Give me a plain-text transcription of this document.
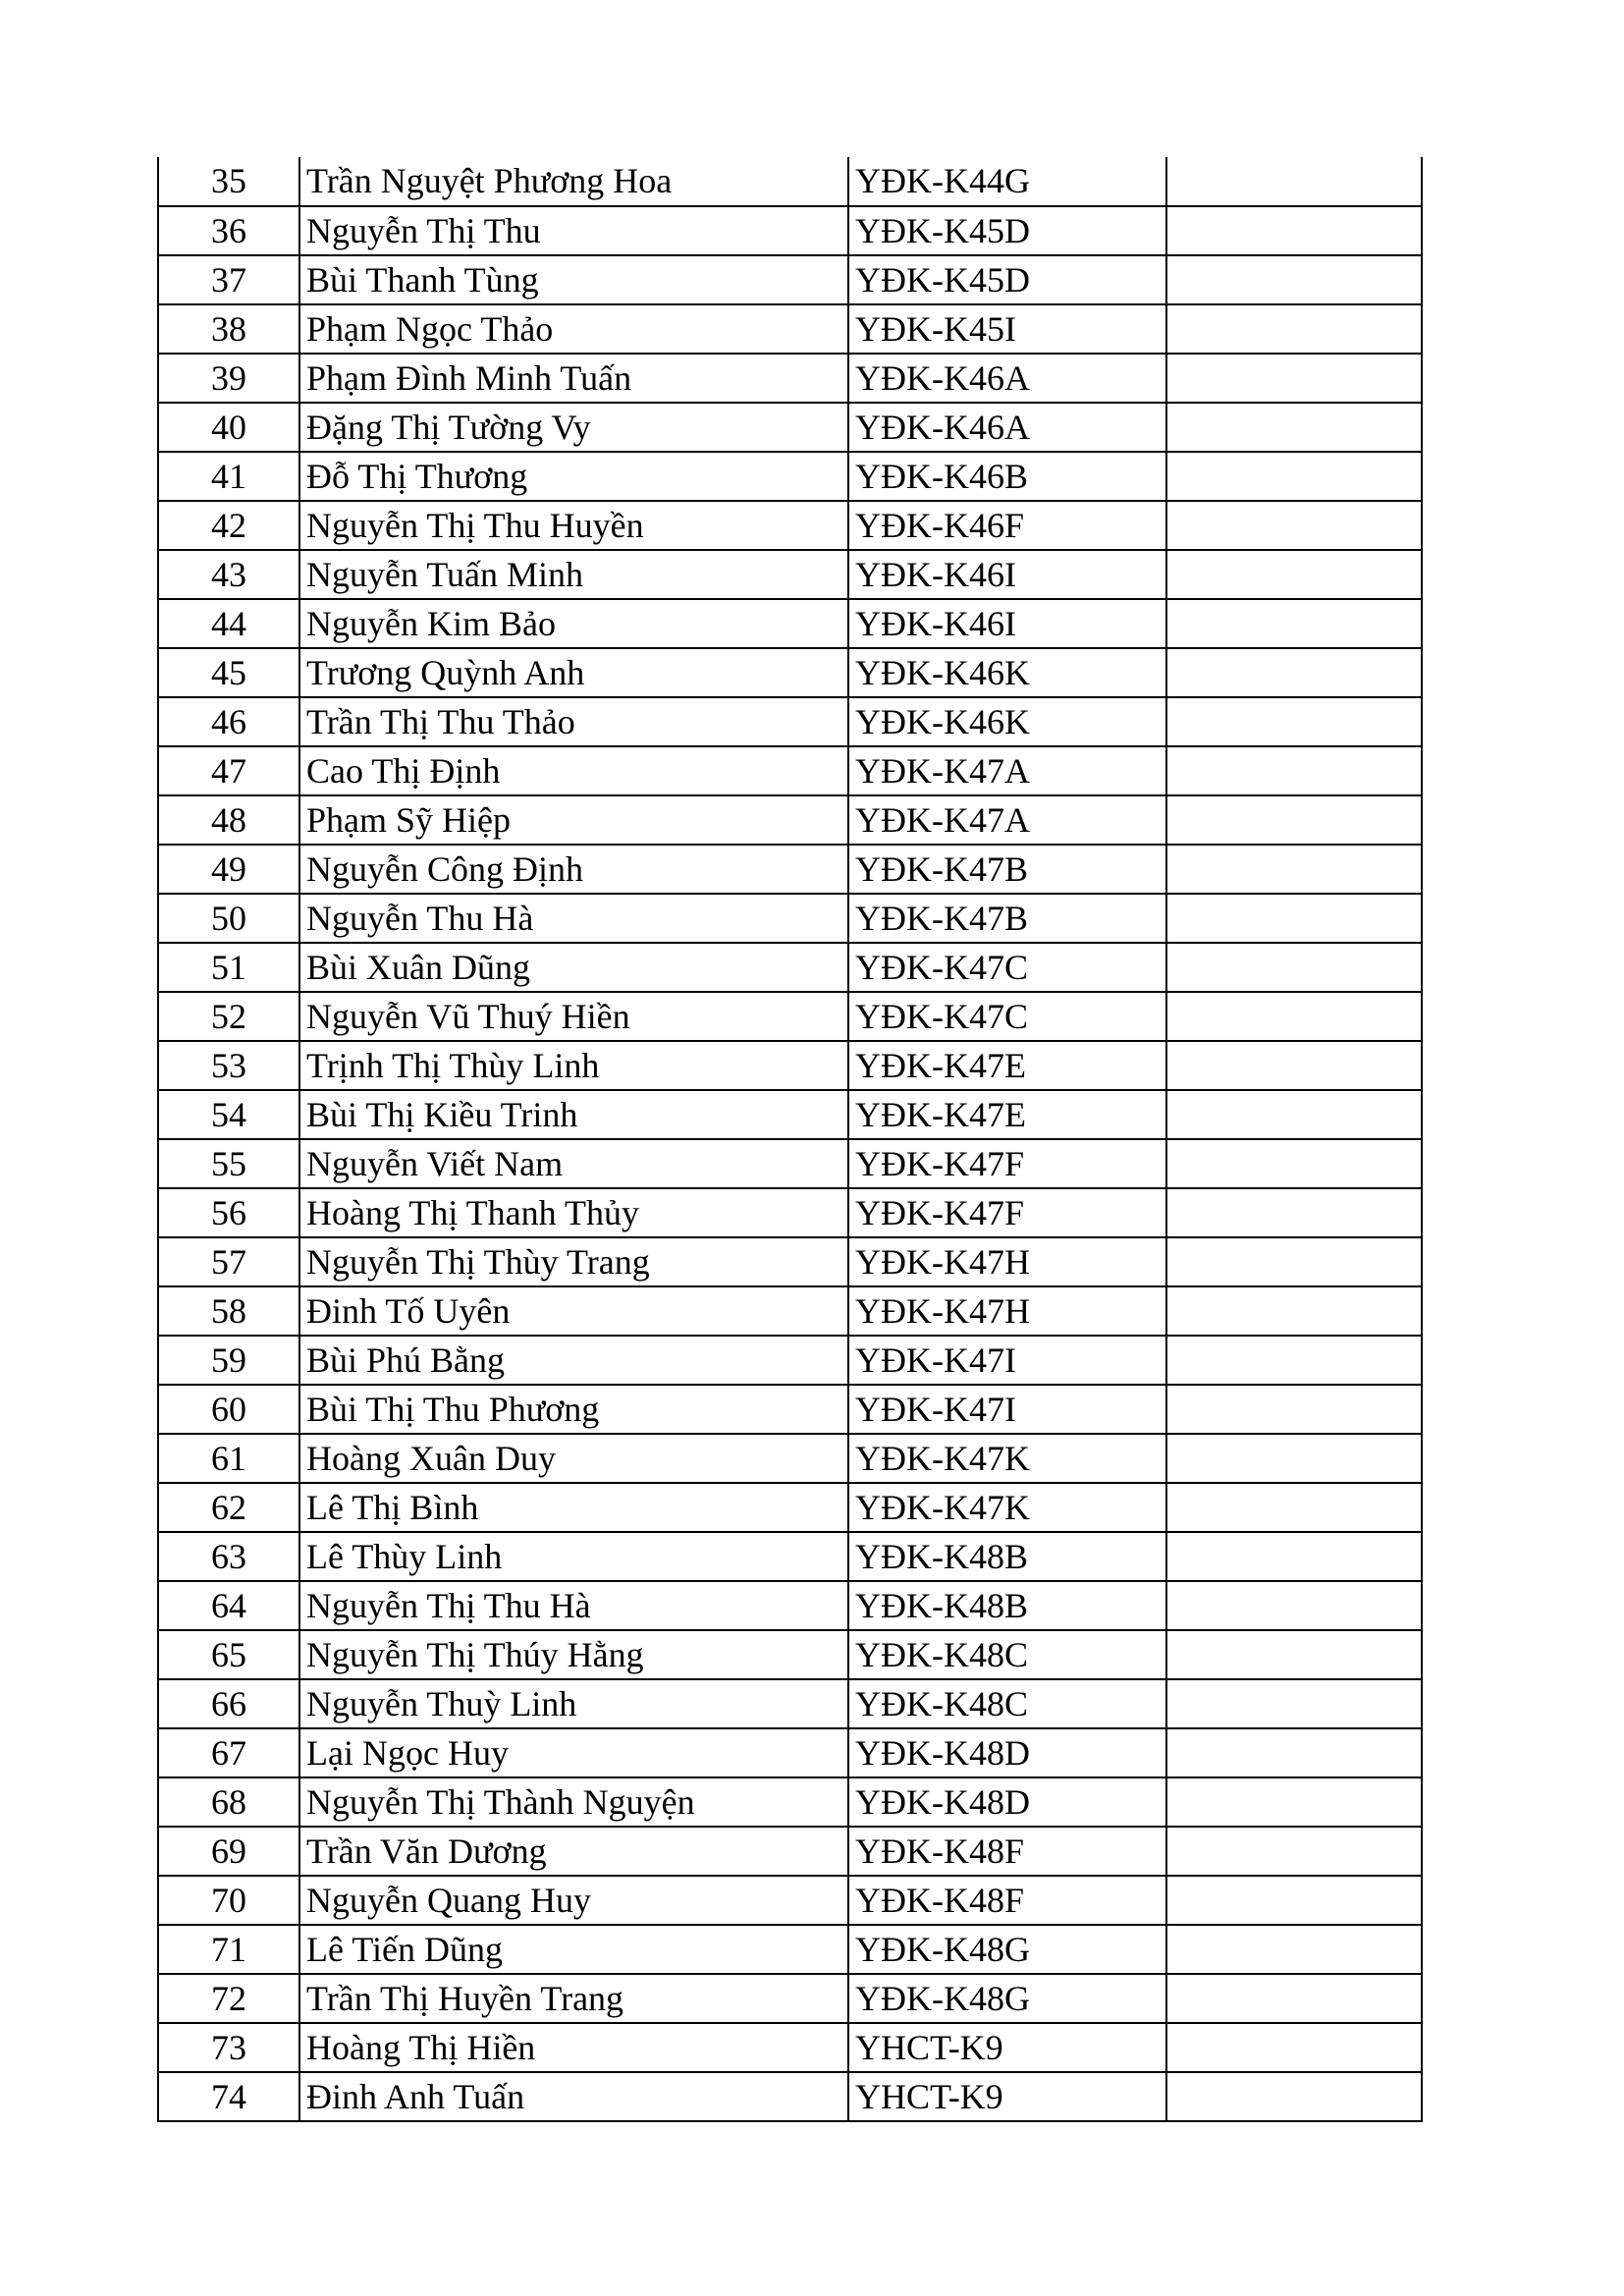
35	Trần Nguyệt Phương Hoa	YĐK-K44G	
36	Nguyễn Thị Thu	YĐK-K45D	
37	Bùi Thanh Tùng	YĐK-K45D	
38	Phạm Ngọc Thảo	YĐK-K45I	
39	Phạm Đình Minh Tuấn	YĐK-K46A	
40	Đặng Thị Tường Vy	YĐK-K46A	
41	Đỗ Thị Thương	YĐK-K46B	
42	Nguyễn Thị Thu Huyền	YĐK-K46F	
43	Nguyễn Tuấn Minh	YĐK-K46I	
44	Nguyễn Kim Bảo	YĐK-K46I	
45	Trương Quỳnh Anh	YĐK-K46K	
46	Trần Thị Thu Thảo	YĐK-K46K	
47	Cao Thị Định	YĐK-K47A	
48	Phạm Sỹ Hiệp	YĐK-K47A	
49	Nguyễn Công Định	YĐK-K47B	
50	Nguyễn Thu Hà	YĐK-K47B	
51	Bùi Xuân Dũng	YĐK-K47C	
52	Nguyễn Vũ Thuý Hiền	YĐK-K47C	
53	Trịnh Thị Thùy Linh	YĐK-K47E	
54	Bùi Thị Kiều Trinh	YĐK-K47E	
55	Nguyễn Viết Nam	YĐK-K47F	
56	Hoàng Thị Thanh Thủy	YĐK-K47F	
57	Nguyễn Thị Thùy Trang	YĐK-K47H	
58	Đinh Tố Uyên	YĐK-K47H	
59	Bùi Phú Bằng	YĐK-K47I	
60	Bùi Thị Thu Phương	YĐK-K47I	
61	Hoàng Xuân Duy	YĐK-K47K	
62	Lê Thị Bình	YĐK-K47K	
63	Lê Thùy Linh	YĐK-K48B	
64	Nguyễn Thị Thu Hà	YĐK-K48B	
65	Nguyễn Thị Thúy Hằng	YĐK-K48C	
66	Nguyễn Thuỳ Linh	YĐK-K48C	
67	Lại Ngọc Huy	YĐK-K48D	
68	Nguyễn Thị Thành Nguyện	YĐK-K48D	
69	Trần Văn Dương	YĐK-K48F	
70	Nguyễn Quang Huy	YĐK-K48F	
71	Lê Tiến Dũng	YĐK-K48G	
72	Trần Thị Huyền Trang	YĐK-K48G	
73	Hoàng Thị Hiền	YHCT-K9	
74	Đinh Anh Tuấn	YHCT-K9	
